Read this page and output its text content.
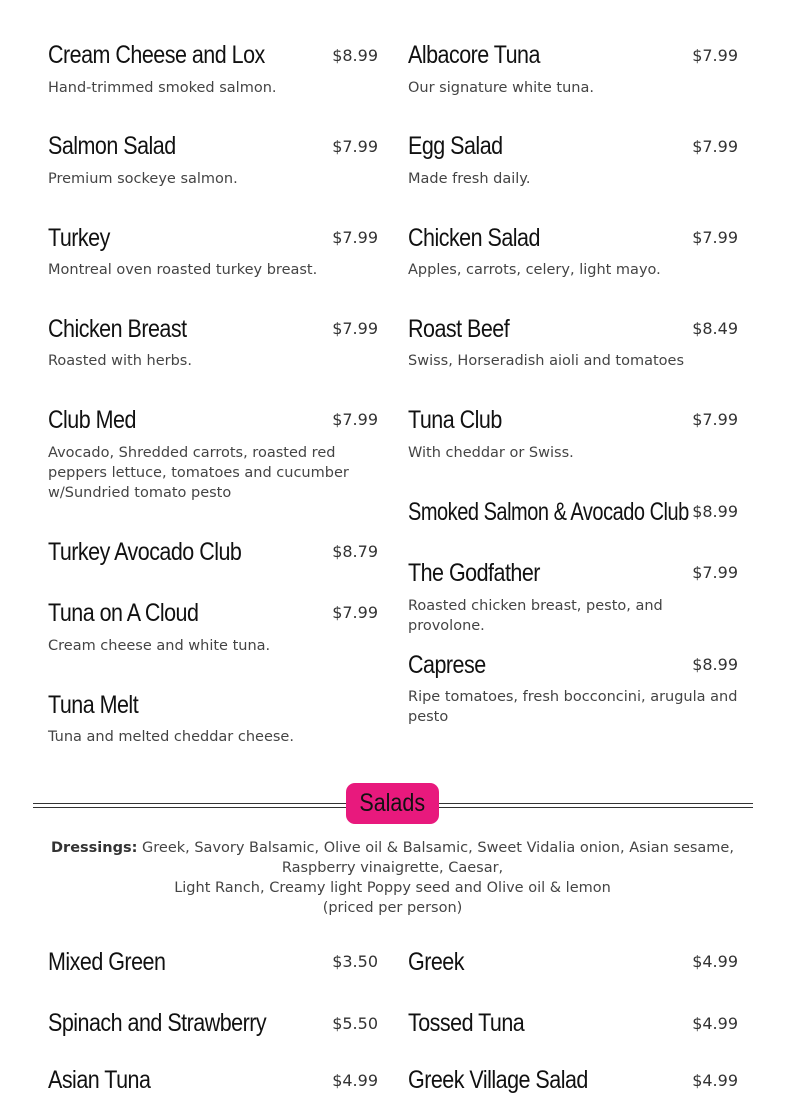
Cream Cheese and Lox	$8.99
Hand-trimmed smoked salmon.
Salmon Salad	$7.99
Premium sockeye salmon.
Turkey	$7.99
Montreal oven roasted turkey breast.
Chicken Breast	$7.99
Roasted with herbs.
Club Med	$7.99
Avocado, Shredded carrots, roasted red peppers lettuce, tomatoes and cucumber w/Sundried tomato pesto
Turkey Avocado Club	$8.79
Tuna on A Cloud	$7.99
Cream cheese and white tuna.
Tuna Melt
Tuna and melted cheddar cheese.
Albacore Tuna	$7.99
Our signature white tuna.
Egg Salad	$7.99
Made fresh daily.
Chicken Salad	$7.99
Apples, carrots, celery, light mayo.
Roast Beef	$8.49
Swiss, Horseradish aioli and tomatoes
Tuna Club	$7.99
With cheddar or Swiss.
Smoked Salmon & Avocado Club $8.99
The Godfather	$7.99
Roasted chicken breast, pesto, and provolone.
Caprese	$8.99
Ripe tomatoes, fresh bocconcini, arugula and pesto
Salads
Dressings: Greek, Savory Balsamic, Olive oil & Balsamic, Sweet Vidalia onion, Asian sesame, Raspberry vinaigrette, Caesar,
Light Ranch, Creamy light Poppy seed and Olive oil & lemon
(priced per person)
Mixed Green	$3.50
Spinach and Strawberry	$5.50
Asian Tuna	$4.99
Greek	$4.99
Tossed Tuna	$4.99
Greek Village Salad	$4.99
